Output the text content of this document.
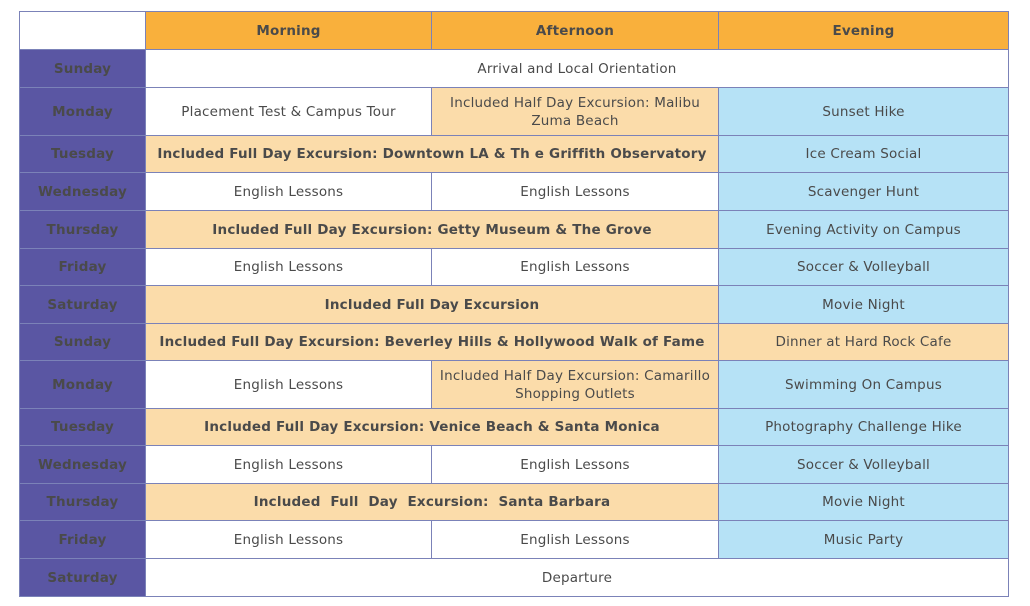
	Morning	Afternoon	Evening
Sunday	Arrival and Local Orientation		
Monday	Placement Test & Campus Tour	Included Half Day Excursion: Malibu Zuma Beach	Sunset Hike
Tuesday	Included Full Day Excursion: Downtown LA & Th e Griffith Observatory		Ice Cream Social
Wednesday	English Lessons	English Lessons	Scavenger Hunt
Thursday	Included Full Day Excursion: Getty Museum & The Grove		Evening Activity on Campus
Friday	English Lessons	English Lessons	Soccer & Volleyball
Saturday	Included Full Day Excursion		Movie Night
Sunday	Included Full Day Excursion: Beverley Hills & Hollywood Walk of Fame		Dinner at Hard Rock Cafe
Monday	English Lessons	Included Half Day Excursion: Camarillo Shopping Outlets	Swimming On Campus
Tuesday	Included Full Day Excursion: Venice Beach & Santa Monica		Photography Challenge Hike
Wednesday	English Lessons	English Lessons	Soccer & Volleyball
Thursday	Included  Full  Day  Excursion:  Santa Barbara		Movie Night
Friday	English Lessons	English Lessons	Music Party
Saturday	Departure		
